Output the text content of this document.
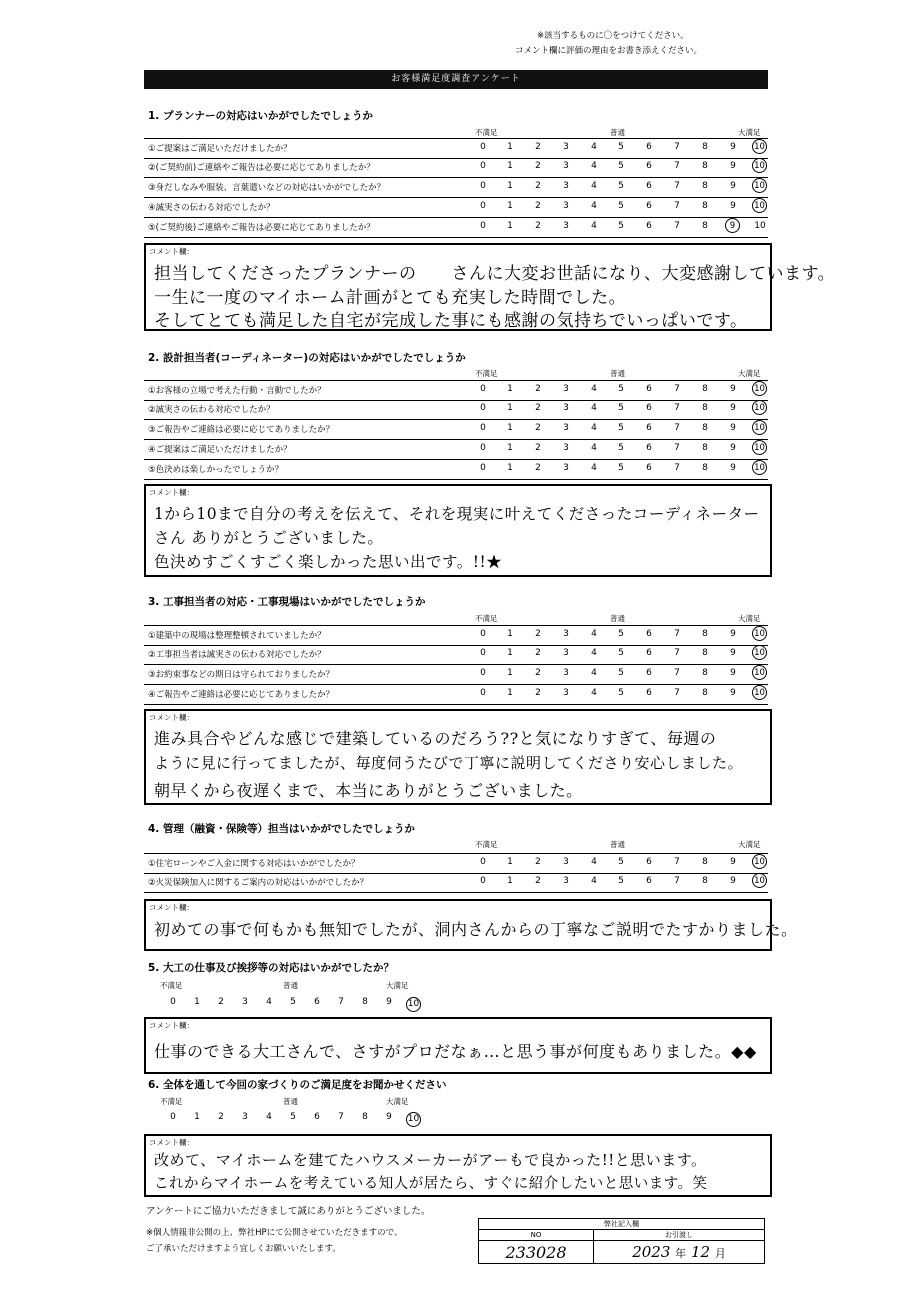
※該当するものに〇をつけてください。
コメント欄に評価の理由をお書き添えください。
お客様満足度調査アンケート
1. プランナーの対応はいかがでしたでしょうか
不満足	普通	大満足
①ご提案はご満足いただけましたか？	0	1	2	3	4	5	6	7	8	9	10
②(ご契約前)ご連絡やご報告は必要に応じてありましたか？	0	1	2	3	4	5	6	7	8	9	10
③身だしなみや服装、言葉遣いなどの対応はいかがでしたか？	0	1	2	3	4	5	6	7	8	9	10
④誠実さの伝わる対応でしたか？	0	1	2	3	4	5	6	7	8	9	10
⑤(ご契約後)ご連絡やご報告は必要に応じてありましたか？	0	1	2	3	4	5	6	7	8	9	10
コメント欄：
担当してくださったプランナーの　　さんに大変お世話になり、大変感謝しています。
一生に一度のマイホーム計画がとても充実した時間でした。
そしてとても満足した自宅が完成した事にも感謝の気持ちでいっぱいです。
2. 設計担当者(コーディネーター)の対応はいかがでしたでしょうか
不満足	普通	大満足
①お客様の立場で考えた行動・言動でしたか？	0	1	2	3	4	5	6	7	8	9	10
②誠実さの伝わる対応でしたか？	0	1	2	3	4	5	6	7	8	9	10
③ご報告やご連絡は必要に応じてありましたか？	0	1	2	3	4	5	6	7	8	9	10
④ご提案はご満足いただけましたか？	0	1	2	3	4	5	6	7	8	9	10
⑤色決めは楽しかったでしょうか？	0	1	2	3	4	5	6	7	8	9	10
コメント欄：
1から10まで自分の考えを伝えて、それを現実に叶えてくださったコーディネーター
さん ありがとうございました。
色決めすごくすごく楽しかった思い出です。!!★
3. 工事担当者の対応・工事現場はいかがでしたでしょうか
不満足	普通	大満足
①建築中の現場は整理整頓されていましたか？	0	1	2	3	4	5	6	7	8	9	10
②工事担当者は誠実さの伝わる対応でしたか？	0	1	2	3	4	5	6	7	8	9	10
③お約束事などの期日は守られておりましたか？	0	1	2	3	4	5	6	7	8	9	10
④ご報告やご連絡は必要に応じてありましたか？	0	1	2	3	4	5	6	7	8	9	10
コメント欄：
進み具合やどんな感じで建築しているのだろう??と気になりすぎて、毎週の
ように見に行ってましたが、毎度伺うたびで丁寧に説明してくださり安心しました。
朝早くから夜遅くまで、本当にありがとうございました。
4. 管理（融資・保険等）担当はいかがでしたでしょうか
不満足	普通	大満足
①住宅ローンやご入金に関する対応はいかがでしたか？	0	1	2	3	4	5	6	7	8	9	10
②火災保険加入に関するご案内の対応はいかがでしたか？	0	1	2	3	4	5	6	7	8	9	10
コメント欄：
初めての事で何もかも無知でしたが、洞内さんからの丁寧なご説明でたすかりました。
5. 大工の仕事及び挨拶等の対応はいかがでしたか？
不満足	普通	大満足
0	1	2	3	4	5	6	7	8	9	10
コメント欄：
仕事のできる大工さんで、さすがプロだなぁ…と思う事が何度もありました。◆◆
6. 全体を通して今回の家づくりのご満足度をお聞かせください
不満足	普通	大満足
0	1	2	3	4	5	6	7	8	9	10
コメント欄：
改めて、マイホームを建てたハウスメーカーがアーもで良かった!!と思います。
これからマイホームを考えている知人が居たら、すぐに紹介したいと思います。笑
アンケートにご協力いただきまして誠にありがとうございました。
※個人情報非公開の上、弊社HPにて公開させていただきますので、
ご了承いただけますよう宜しくお願いいたします。
弊社記入欄	
NO	お引渡し
233028	2023 年 12 月
